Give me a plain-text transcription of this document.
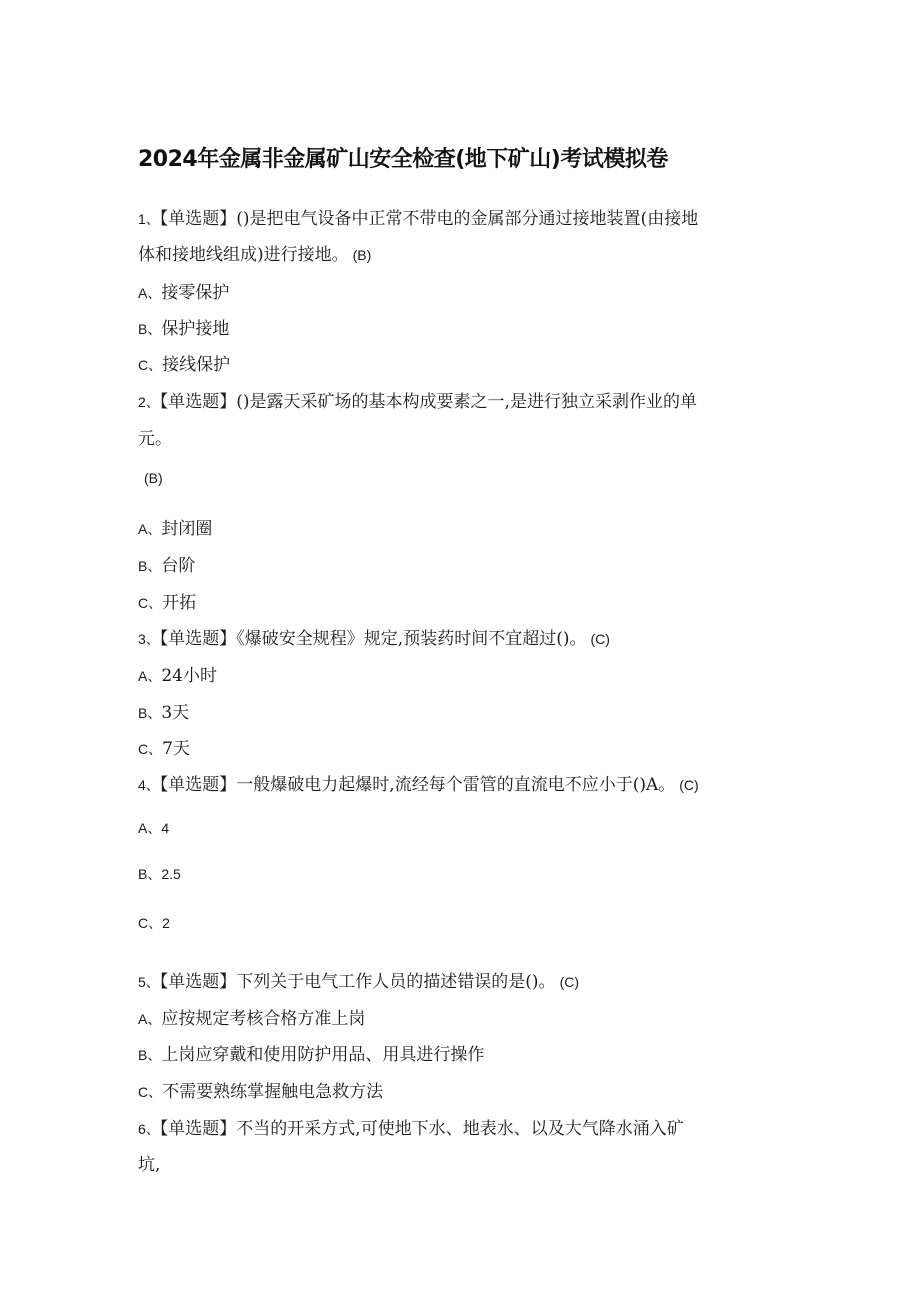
2024年金属非金属矿山安全检查(地下矿山)考试模拟卷
1、【单选题】()是把电气设备中正常不带电的金属部分通过接地装置(由接地
体和接地线组成)进行接地。 (B)
A、接零保护
B、保护接地
C、接线保护
2、【单选题】()是露天采矿场的基本构成要素之一,是进行独立采剥作业的单
元。
(B)
A、封闭圈
B、台阶
C、开拓
3、【单选题】《爆破安全规程》规定,预装药时间不宜超过()。 (C)
A、24小时
B、3天
C、7天
4、【单选题】一般爆破电力起爆时,流经每个雷管的直流电不应小于()A。 (C)
A、4
B、2.5
C、2
5、【单选题】下列关于电气工作人员的描述错误的是()。 (C)
A、应按规定考核合格方准上岗
B、上岗应穿戴和使用防护用品、用具进行操作
C、不需要熟练掌握触电急救方法
6、【单选题】不当的开采方式,可使地下水、地表水、以及大气降水涌入矿
坑,
